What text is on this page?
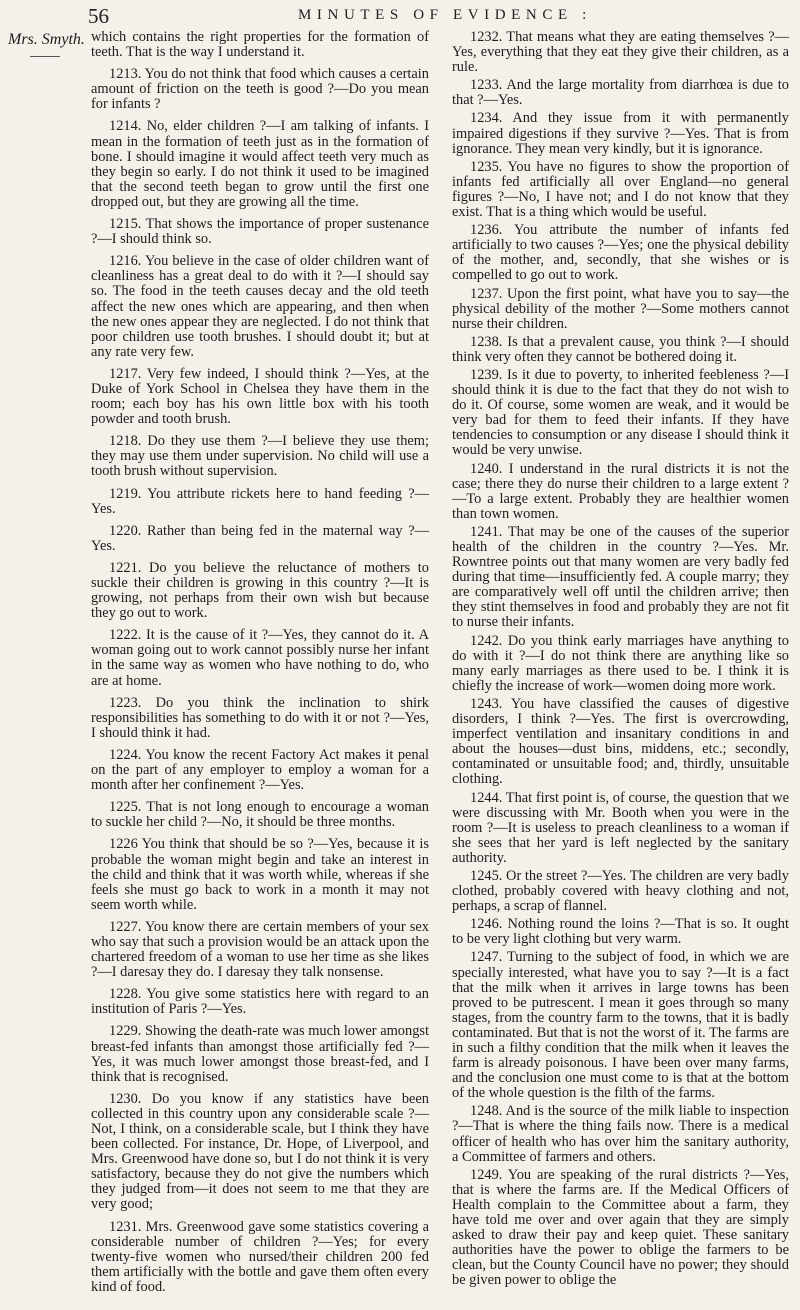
56	MINUTES OF EVIDENCE :
Mrs. Smyth. which contains the right properties for the formation of teeth. That is the way I understand it.

1213. You do not think that food which causes a certain amount of friction on the teeth is good ?—Do you mean for infants ?

1214. No, elder children ?—I am talking of infants. I mean in the formation of teeth just as in the formation of bone. I should imagine it would affect teeth very much as they begin so early. I do not think it used to be imagined that the second teeth began to grow until the first one dropped out, but they are growing all the time.

1215. That shows the importance of proper sustenance ?—I should think so.

1216. You believe in the case of older children want of cleanliness has a great deal to do with it ?—I should say so. The food in the teeth causes decay and the old teeth affect the new ones which are appearing, and then when the new ones appear they are neglected. I do not think that poor children use tooth brushes. I should doubt it; but at any rate very few.

1217. Very few indeed, I should think ?—Yes, at the Duke of York School in Chelsea they have them in the room; each boy has his own little box with his tooth powder and tooth brush.

1218. Do they use them ?—I believe they use them; they may use them under supervision. No child will use a tooth brush without supervision.

1219. You attribute rickets here to hand feeding ?—Yes.

1220. Rather than being fed in the maternal way ?—Yes.

1221. Do you believe the reluctance of mothers to suckle their children is growing in this country ?—It is growing, not perhaps from their own wish but because they go out to work.

1222. It is the cause of it ?—Yes, they cannot do it. A woman going out to work cannot possibly nurse her infant in the same way as women who have nothing to do, who are at home.

1223. Do you think the inclination to shirk responsibilities has something to do with it or not ?—Yes, I should think it had.

1224. You know the recent Factory Act makes it penal on the part of any employer to employ a woman for a month after her confinement ?—Yes.

1225. That is not long enough to encourage a woman to suckle her child ?—No, it should be three months.

1226 You think that should be so ?—Yes, because it is probable the woman might begin and take an interest in the child and think that it was worth while, whereas if she feels she must go back to work in a month it may not seem worth while.

1227. You know there are certain members of your sex who say that such a provision would be an attack upon the chartered freedom of a woman to use her time as she likes ?—I daresay they do. I daresay they talk nonsense.

1228. You give some statistics here with regard to an institution of Paris ?—Yes.

1229. Showing the death-rate was much lower amongst breast-fed infants than amongst those artificially fed ?—Yes, it was much lower amongst those breast-fed, and I think that is recognised.

1230. Do you know if any statistics have been collected in this country upon any considerable scale ?—Not, I think, on a considerable scale, but I think they have been collected. For instance, Dr. Hope, of Liverpool, and Mrs. Greenwood have done so, but I do not think it is very satisfactory, because they do not give the numbers which they judged from—it does not seem to me that they are very good;

1231. Mrs. Greenwood gave some statistics covering a considerable number of children ?—Yes; for every twenty-five women who nursed/their children 200 fed them artificially with the bottle and gave them often every kind of food.

1232. That means what they are eating themselves ?—Yes, everything that they eat they give their children, as a rule.

1233. And the large mortality from diarrhœa is due to that ?—Yes.

1234. And they issue from it with permanently impaired digestions if they survive ?—Yes. That is from ignorance. They mean very kindly, but it is ignorance.

1235. You have no figures to show the proportion of infants fed artificially all over England—no general figures ?—No, I have not; and I do not know that they exist. That is a thing which would be useful.

1236. You attribute the number of infants fed artificially to two causes ?—Yes; one the physical debility of the mother, and, secondly, that she wishes or is compelled to go out to work.

1237. Upon the first point, what have you to say—the physical debility of the mother ?—Some mothers cannot nurse their children.

1238. Is that a prevalent cause, you think ?—I should think very often they cannot be bothered doing it.

1239. Is it due to poverty, to inherited feebleness ?—I should think it is due to the fact that they do not wish to do it. Of course, some women are weak, and it would be very bad for them to feed their infants. If they have tendencies to consumption or any disease I should think it would be very unwise.

1240. I understand in the rural districts it is not the case; there they do nurse their children to a large extent ?—To a large extent. Probably they are healthier women than town women.

1241. That may be one of the causes of the superior health of the children in the country ?—Yes. Mr. Rowntree points out that many women are very badly fed during that time—insufficiently fed. A couple marry; they are comparatively well off until the children arrive; then they stint themselves in food and probably they are not fit to nurse their infants.

1242. Do you think early marriages have anything to do with it ?—I do not think there are anything like so many early marriages as there used to be. I think it is chiefly the increase of work—women doing more work.

1243. You have classified the causes of digestive disorders, I think ?—Yes. The first is overcrowding, imperfect ventilation and insanitary conditions in and about the houses—dust bins, middens, etc.; secondly, contaminated or unsuitable food; and, thirdly, unsuitable clothing.

1244. That first point is, of course, the question that we were discussing with Mr. Booth when you were in the room ?—It is useless to preach cleanliness to a woman if she sees that her yard is left neglected by the sanitary authority.

1245. Or the street ?—Yes. The children are very badly clothed, probably covered with heavy clothing and not, perhaps, a scrap of flannel.

1246. Nothing round the loins ?—That is so. It ought to be very light clothing but very warm.

1247. Turning to the subject of food, in which we are specially interested, what have you to say ?—It is a fact that the milk when it arrives in large towns has been proved to be putrescent. I mean it goes through so many stages, from the country farm to the towns, that it is badly contaminated. But that is not the worst of it. The farms are in such a filthy condition that the milk when it leaves the farm is already poisonous. I have been over many farms, and the conclusion one must come to is that at the bottom of the whole question is the filth of the farms.

1248. And is the source of the milk liable to inspection ?—That is where the thing fails now. There is a medical officer of health who has over him the sanitary authority, a Committee of farmers and others.

1249. You are speaking of the rural districts ?—Yes, that is where the farms are. If the Medical Officers of Health complain to the Committee about a farm, they have told me over and over again that they are simply asked to draw their pay and keep quiet. These sanitary authorities have the power to oblige the farmers to be clean, but the County Council have no power; they should be given power to oblige the
